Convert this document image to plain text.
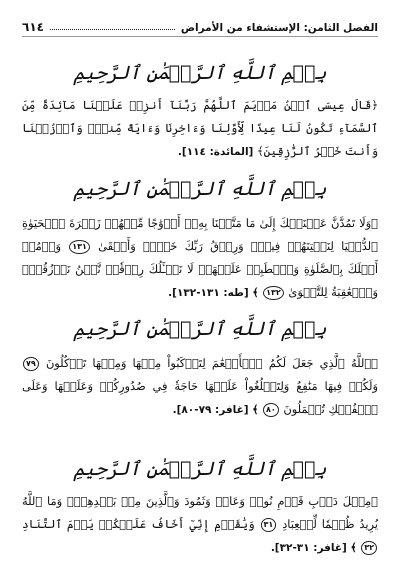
الفصل الثامن: الإستشفاء من الأمراض
٦١٤
بِسۡمِ ٱللَّهِ ٱلرَّحۡمَٰنِ ٱلرَّحِيمِ

﴿قَالَ عِيسَى ٱبۡنُ مَرۡيَمَ ٱللَّهُمَّ رَبَّنَآ أَنزِلۡ عَلَيۡنَا مَآئِدَةً مِّنَ ٱلسَّمَآءِ تَكُونُ لَنَا عِيدًا لِّأَوَّلِنَا وَءَاخِرِنَا وَءَايَةً مِّنكَۖ وَٱرۡزُقۡنَا وَأَنتَ خَيۡرُ ٱلرَّٰزِقِينَ﴾ [المائدة: ١١٤].

بِسۡمِ ٱللَّهِ ٱلرَّحۡمَٰنِ ٱلرَّحِيمِ

﴿وَلَا تَمُدَّنَّ عَيۡنَيۡكَ إِلَىٰ مَا مَتَّعۡنَا بِهِۦٓ أَزۡوَٰجًا مِّنۡهُمۡ زَهۡرَةَ ٱلۡحَيَوٰةِ ٱلدُّنۡيَا لِنَفۡتِنَهُمۡ فِيهِۚ وَرِزۡقُ رَبِّكَ خَيۡرٞ وَأَبۡقَىٰ ١٣١ وَأۡمُرۡ أَهۡلَكَ بِٱلصَّلَوٰةِ وَٱصۡطَبِرۡ عَلَيۡهَاۖ لَا نَسۡـَٔلُكَ رِزۡقٗاۖ نَّحۡنُ نَرۡزُقُكَۗ وَٱلۡعَٰقِبَةُ لِلتَّقۡوَىٰ ١٣٢ ﴾ [طه: ١٣١-١٣٢].

بِسۡمِ ٱللَّهِ ٱلرَّحۡمَٰنِ ٱلرَّحِيمِ

﴿ٱللَّهُ ٱلَّذِي جَعَلَ لَكُمُ ٱلۡأَنۡعَٰمَ لِتَرۡكَبُواْ مِنۡهَا وَمِنۡهَا تَأۡكُلُونَ ٧٩ وَلَكُمۡ فِيهَا مَنَٰفِعُ وَلِتَبۡلُغُواْ عَلَيۡهَا حَاجَةٗ فِي صُدُورِكُمۡ وَعَلَيۡهَا وَعَلَى ٱلۡفُلۡكِ تُحۡمَلُونَ ٨٠ ﴾ [غافر: ٧٩-٨٠].

بِسۡمِ ٱللَّهِ ٱلرَّحۡمَٰنِ ٱلرَّحِيمِ

﴿مِثۡلَ دَأۡبِ قَوۡمِ نُوحٖ وَعَادٖ وَثَمُودَ وَٱلَّذِينَ مِنۢ بَعۡدِهِمۡۚ وَمَا ٱللَّهُ يُرِيدُ ظُلۡمٗا لِّلۡعِبَادِ ٣١ وَيَٰقَوۡمِ إِنِّيٓ أَخَافُ عَلَيۡكُمۡ يَوۡمَ ٱلتَّنَادِ ٣٢ ﴾ [غافر: ٣١-٣٢].
